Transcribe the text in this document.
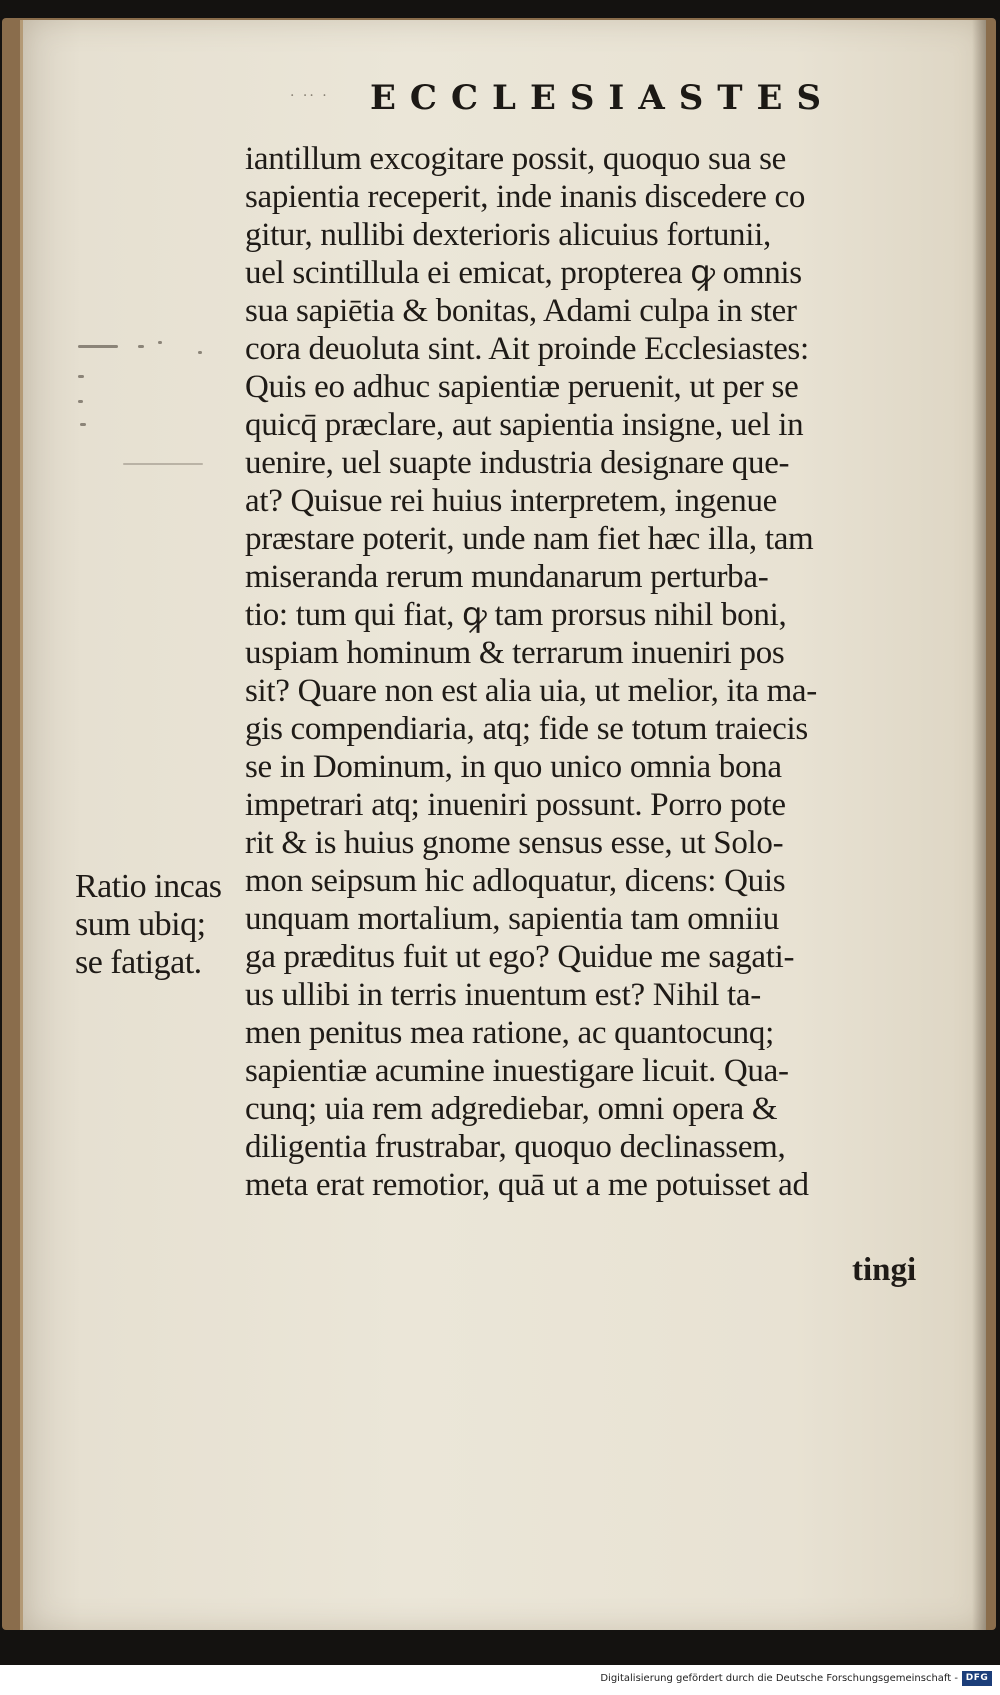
· ·· ·	ECCLESIASTES
iantillum excogitare possit, quoquo sua se
sapientia receperit, inde inanis discedere co
gitur, nullibi dexterioris alicuius fortunii,
uel scintillula ei emicat, propterea ꝙ omnis
sua sapiētia & bonitas, Adami culpa in ster
cora deuoluta sint. Ait proinde Ecclesiastes:
Quis eo adhuc sapientiæ peruenit, ut per se
quicq̄ præclare, aut sapientia insigne, uel in
uenire, uel suapte industria designare que-
at? Quisue rei huius interpretem, ingenue
præstare poterit, unde nam fiet hæc illa, tam
miseranda rerum mundanarum perturba-
tio: tum qui fiat, ꝙ tam prorsus nihil boni,
uspiam hominum & terrarum inueniri pos
sit? Quare non est alia uia, ut melior, ita ma-
gis compendiaria, atq; fide se totum traiecis
se in Dominum, in quo unico omnia bona
impetrari atq; inueniri possunt. Porro pote
rit & is huius gnome sensus esse, ut Solo-
mon seipsum hic adloquatur, dicens: Quis
unquam mortalium, sapientia tam omniiu
ga præditus fuit ut ego? Quidue me sagati-
us ullibi in terris inuentum est? Nihil ta-
men penitus mea ratione, ac quantocunq;
sapientiæ acumine inuestigare licuit. Qua-
cunq; uia rem adgrediebar, omni opera &
diligentia frustrabar, quoquo declinassem,
meta erat remotior, quā ut a me potuisset ad
tingi
Ratio incas
sum ubiq;
se fatigat.
Digitalisierung gefördert durch die Deutsche Forschungsgemeinschaft - DFG
